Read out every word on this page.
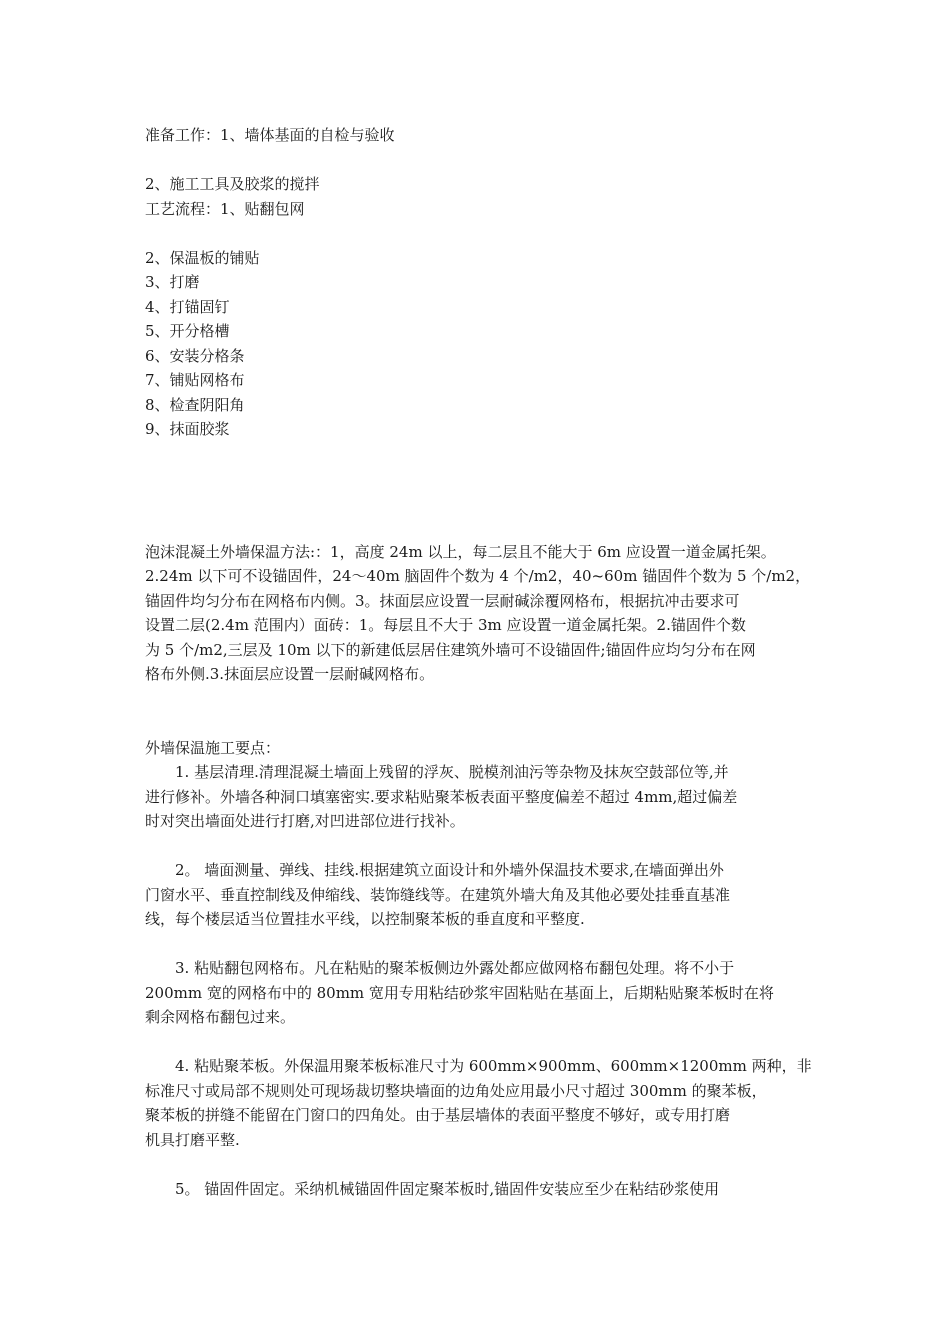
准备工作：1、墙体基面的自检与验收
2、施工工具及胶浆的搅拌
工艺流程：1、贴翻包网
2、保温板的铺贴
3、打磨
4、打锚固钉
5、开分格槽
6、安装分格条
7、铺贴网格布
8、检查阴阳角
9、抹面胶浆
泡沫混凝土外墙保温方法:：1，高度 24m 以上，每二层且不能大于 6m 应设置一道金属托架。
2.24m 以下可不设锚固件，24～40m 脑固件个数为 4 个/m2，40~60m 锚固件个数为 5 个/m2，
锚固件均匀分布在网格布内侧。3。抹面层应设置一层耐碱涂覆网格布，根据抗冲击要求可
设置二层(2.4m 范围内）面砖：1。每层且不大于 3m 应设置一道金属托架。2.锚固件个数
为 5 个/m2,三层及 10m 以下的新建低层居住建筑外墙可不设锚固件;锚固件应均匀分布在网
格布外侧.3.抹面层应设置一层耐碱网格布。
外墙保温施工要点：
1. 基层清理.清理混凝土墙面上残留的浮灰、脱模剂油污等杂物及抹灰空鼓部位等,并
进行修补。外墙各种洞口填塞密实.要求粘贴聚苯板表面平整度偏差不超过 4mm,超过偏差
时对突出墙面处进行打磨,对凹进部位进行找补。
2。 墙面测量、弹线、挂线.根据建筑立面设计和外墙外保温技术要求,在墙面弹出外
门窗水平、垂直控制线及伸缩线、装饰缝线等。在建筑外墙大角及其他必要处挂垂直基准
线，每个楼层适当位置挂水平线，以控制聚苯板的垂直度和平整度.
3. 粘贴翻包网格布。凡在粘贴的聚苯板侧边外露处都应做网格布翻包处理。将不小于
200mm 宽的网格布中的 80mm 宽用专用粘结砂浆牢固粘贴在基面上，后期粘贴聚苯板时在将
剩余网格布翻包过来。
4. 粘贴聚苯板。外保温用聚苯板标准尺寸为 600mm×900mm、600mm×1200mm 两种，非
标准尺寸或局部不规则处可现场裁切整块墙面的边角处应用最小尺寸超过 300mm 的聚苯板，
聚苯板的拼缝不能留在门窗口的四角处。由于基层墙体的表面平整度不够好，或专用打磨
机具打磨平整.
5。 锚固件固定。采纳机械锚固件固定聚苯板时,锚固件安装应至少在粘结砂浆使用
